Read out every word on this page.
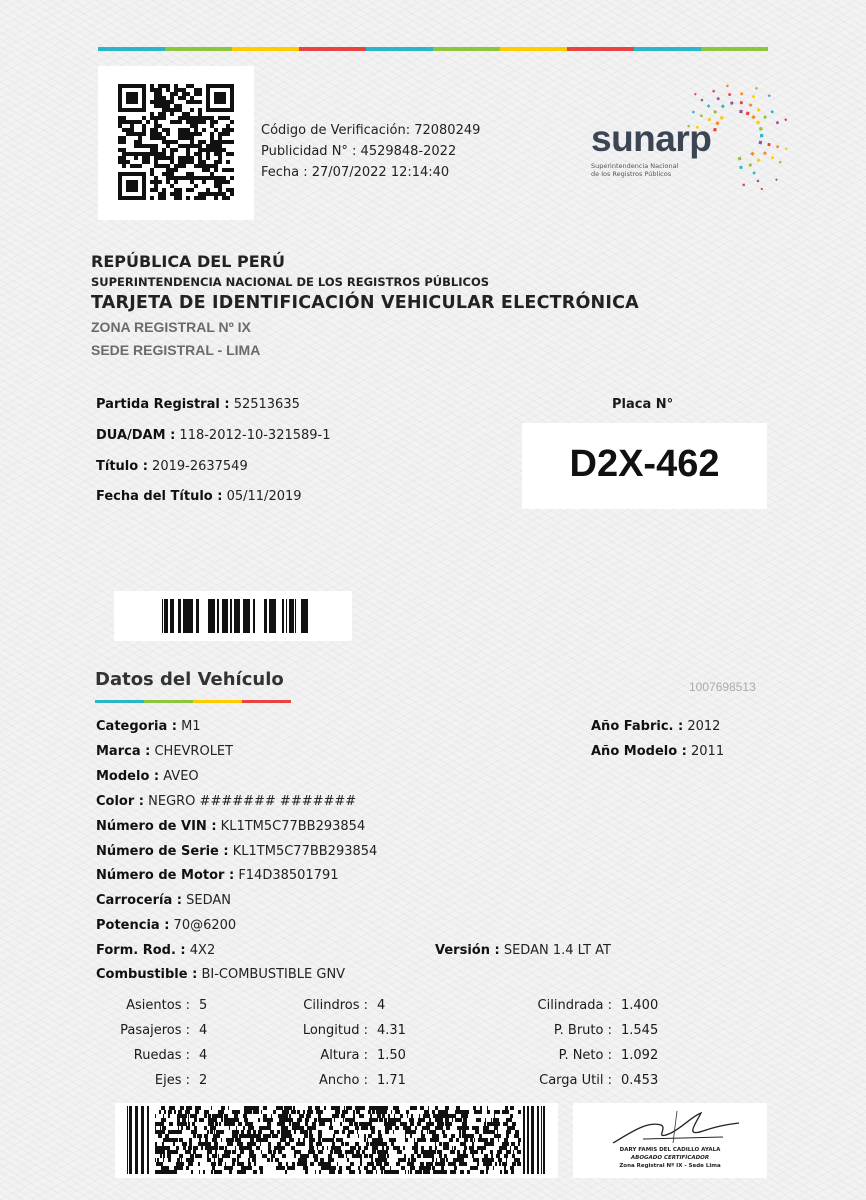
Código de Verificación: 72080249
Publicidad N° : 4529848-2022
Fecha : 27/07/2022 12:14:40
sunarp
Superintendencia Nacional
de los Registros Públicos
REPÚBLICA DEL PERÚ
SUPERINTENDENCIA NACIONAL DE LOS REGISTROS PÚBLICOS
TARJETA DE IDENTIFICACIÓN VEHICULAR ELECTRÓNICA
ZONA REGISTRAL Nº IX
SEDE REGISTRAL - LIMA
Partida Registral : 52513635
DUA/DAM : 118-2012-10-321589-1
Título : 2019-2637549
Fecha del Título : 05/11/2019
Placa N°
D2X-462
Datos del Vehículo	1007698513
Categoria : M1
Marca : CHEVROLET
Modelo : AVEO
Color : NEGRO ####### #######
Número de VIN : KL1TM5C77BB293854
Número de Serie : KL1TM5C77BB293854
Número de Motor : F14D38501791
Carrocería : SEDAN
Potencia : 70@6200
Form. Rod. : 4X2
Combustible : BI-COMBUSTIBLE GNV
Año Fabric. : 2012
Año Modelo : 2011
Versión : SEDAN 1.4 LT AT
Asientos : 5
Pasajeros : 4
Ruedas : 4
Ejes : 2
Cilindros : 4
Longitud : 4.31
Altura : 1.50
Ancho : 1.71
Cilindrada : 1.400
P. Bruto : 1.545
P. Neto : 1.092
Carga Util : 0.453
DARY FAMIS DEL CADILLO AYALA
ABOGADO CERTIFICADOR
Zona Registral Nº IX - Sede Lima
